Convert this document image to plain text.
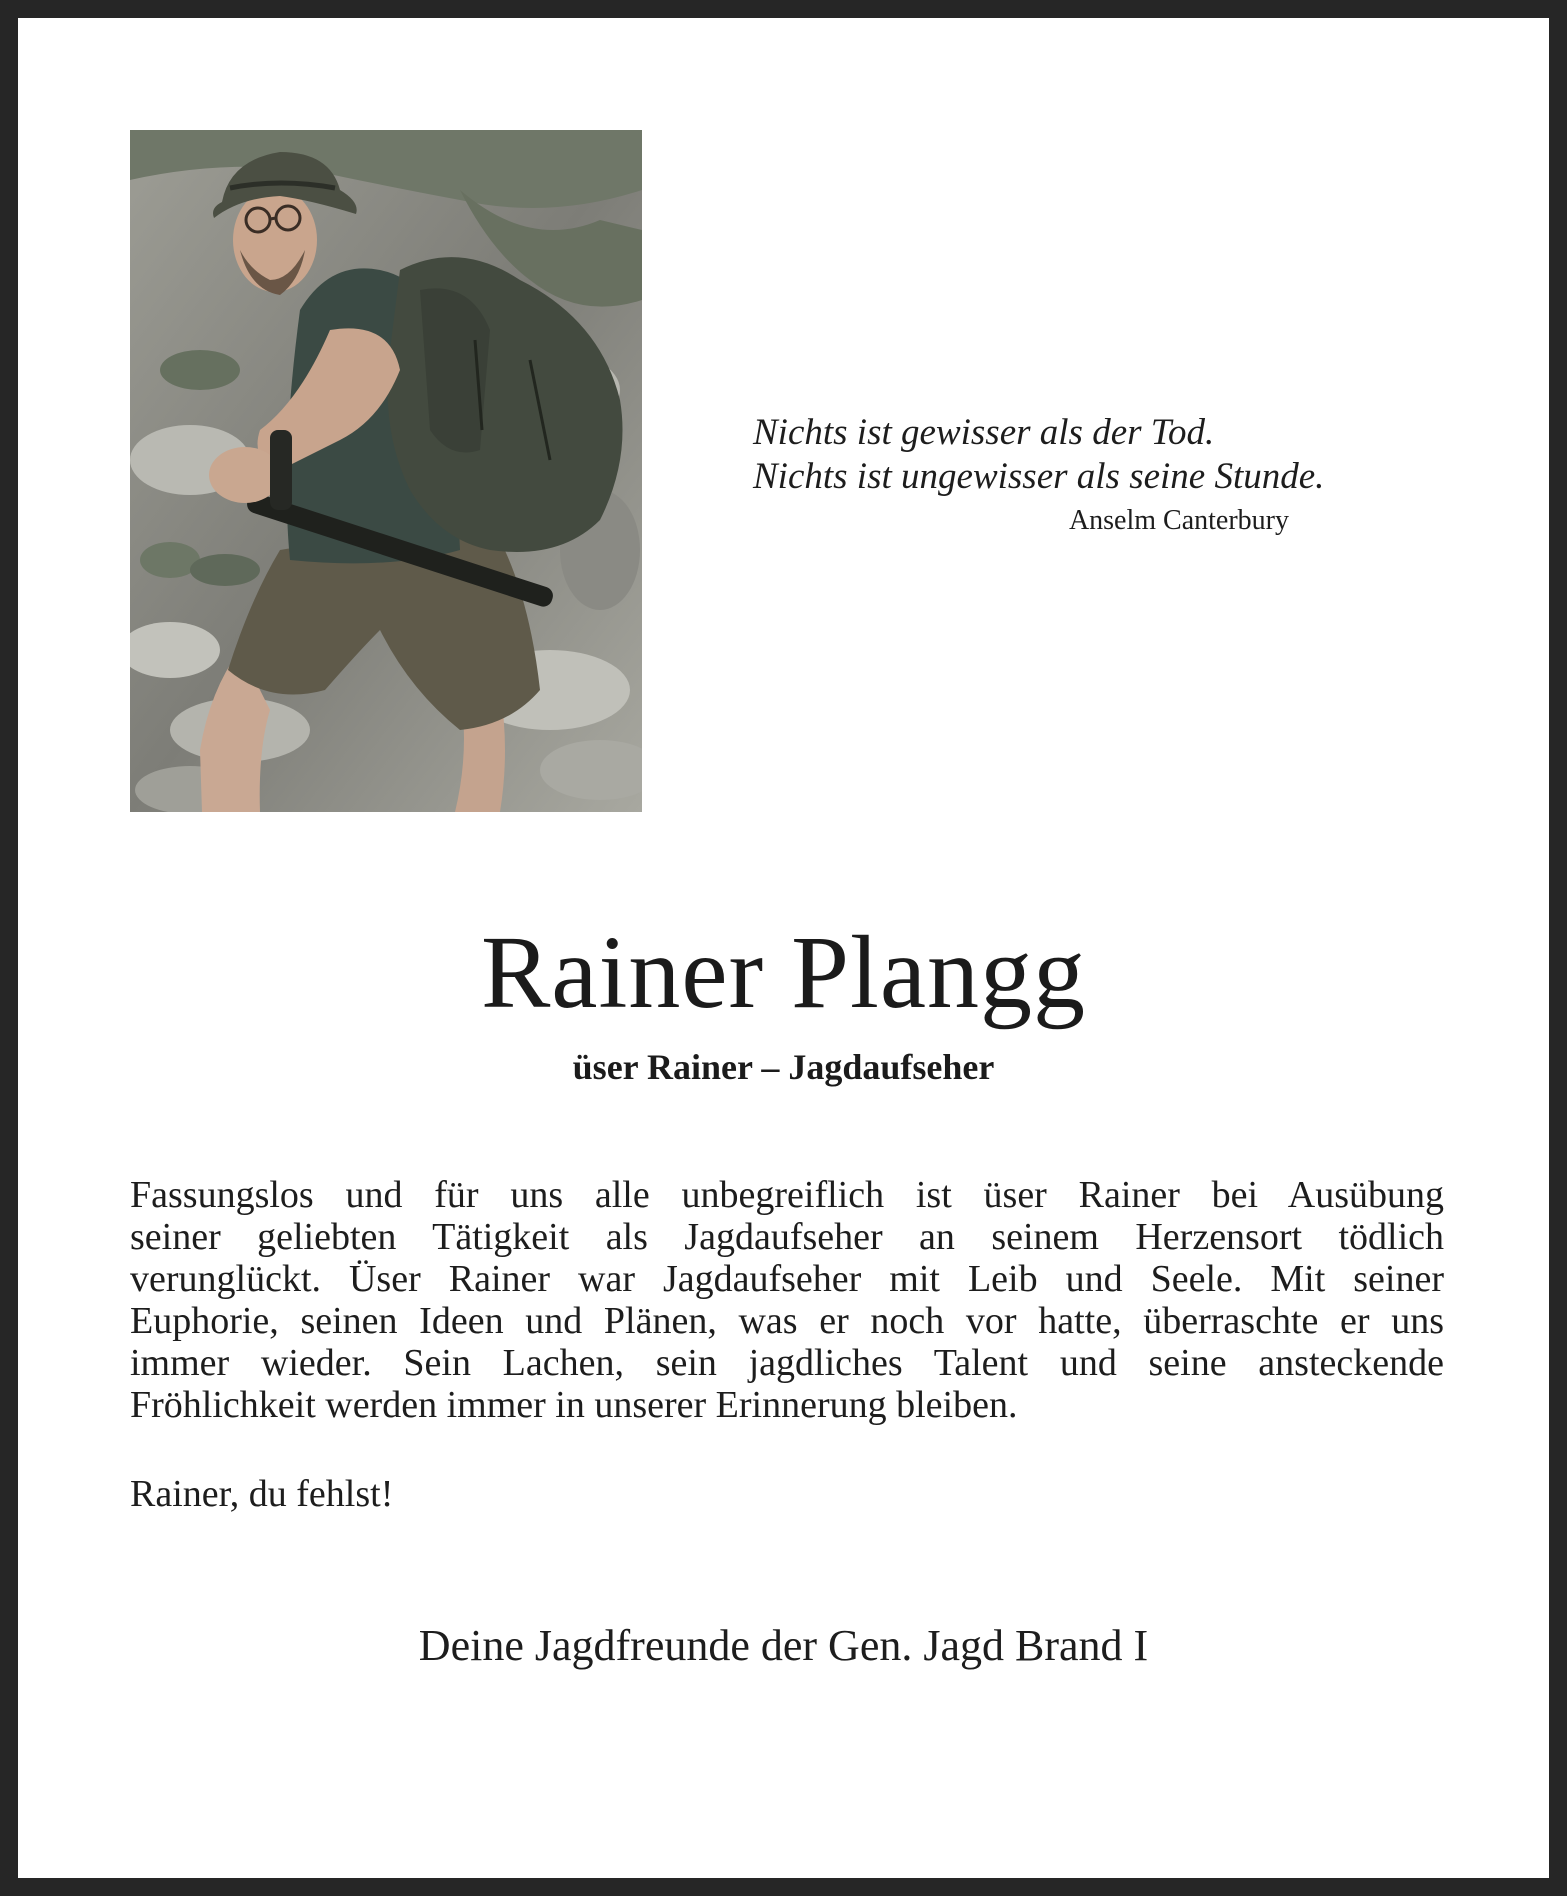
Nichts ist gewisser als der Tod.
Nichts ist ungewisser als seine Stunde.
Anselm Canterbury
Rainer Plangg
üser Rainer – Jagdaufseher
Fassungslos und für uns alle unbegreiflich ist üser Rainer bei Ausübung
seiner geliebten Tätigkeit als Jagdaufseher an seinem Herzensort tödlich
verunglückt. Üser Rainer war Jagdaufseher mit Leib und Seele. Mit seiner
Euphorie, seinen Ideen und Plänen, was er noch vor hatte, überraschte er uns
immer wieder. Sein Lachen, sein jagdliches Talent und seine ansteckende
Fröhlichkeit werden immer in unserer Erinnerung bleiben.
Rainer, du fehlst!
Deine Jagdfreunde der Gen. Jagd Brand I
